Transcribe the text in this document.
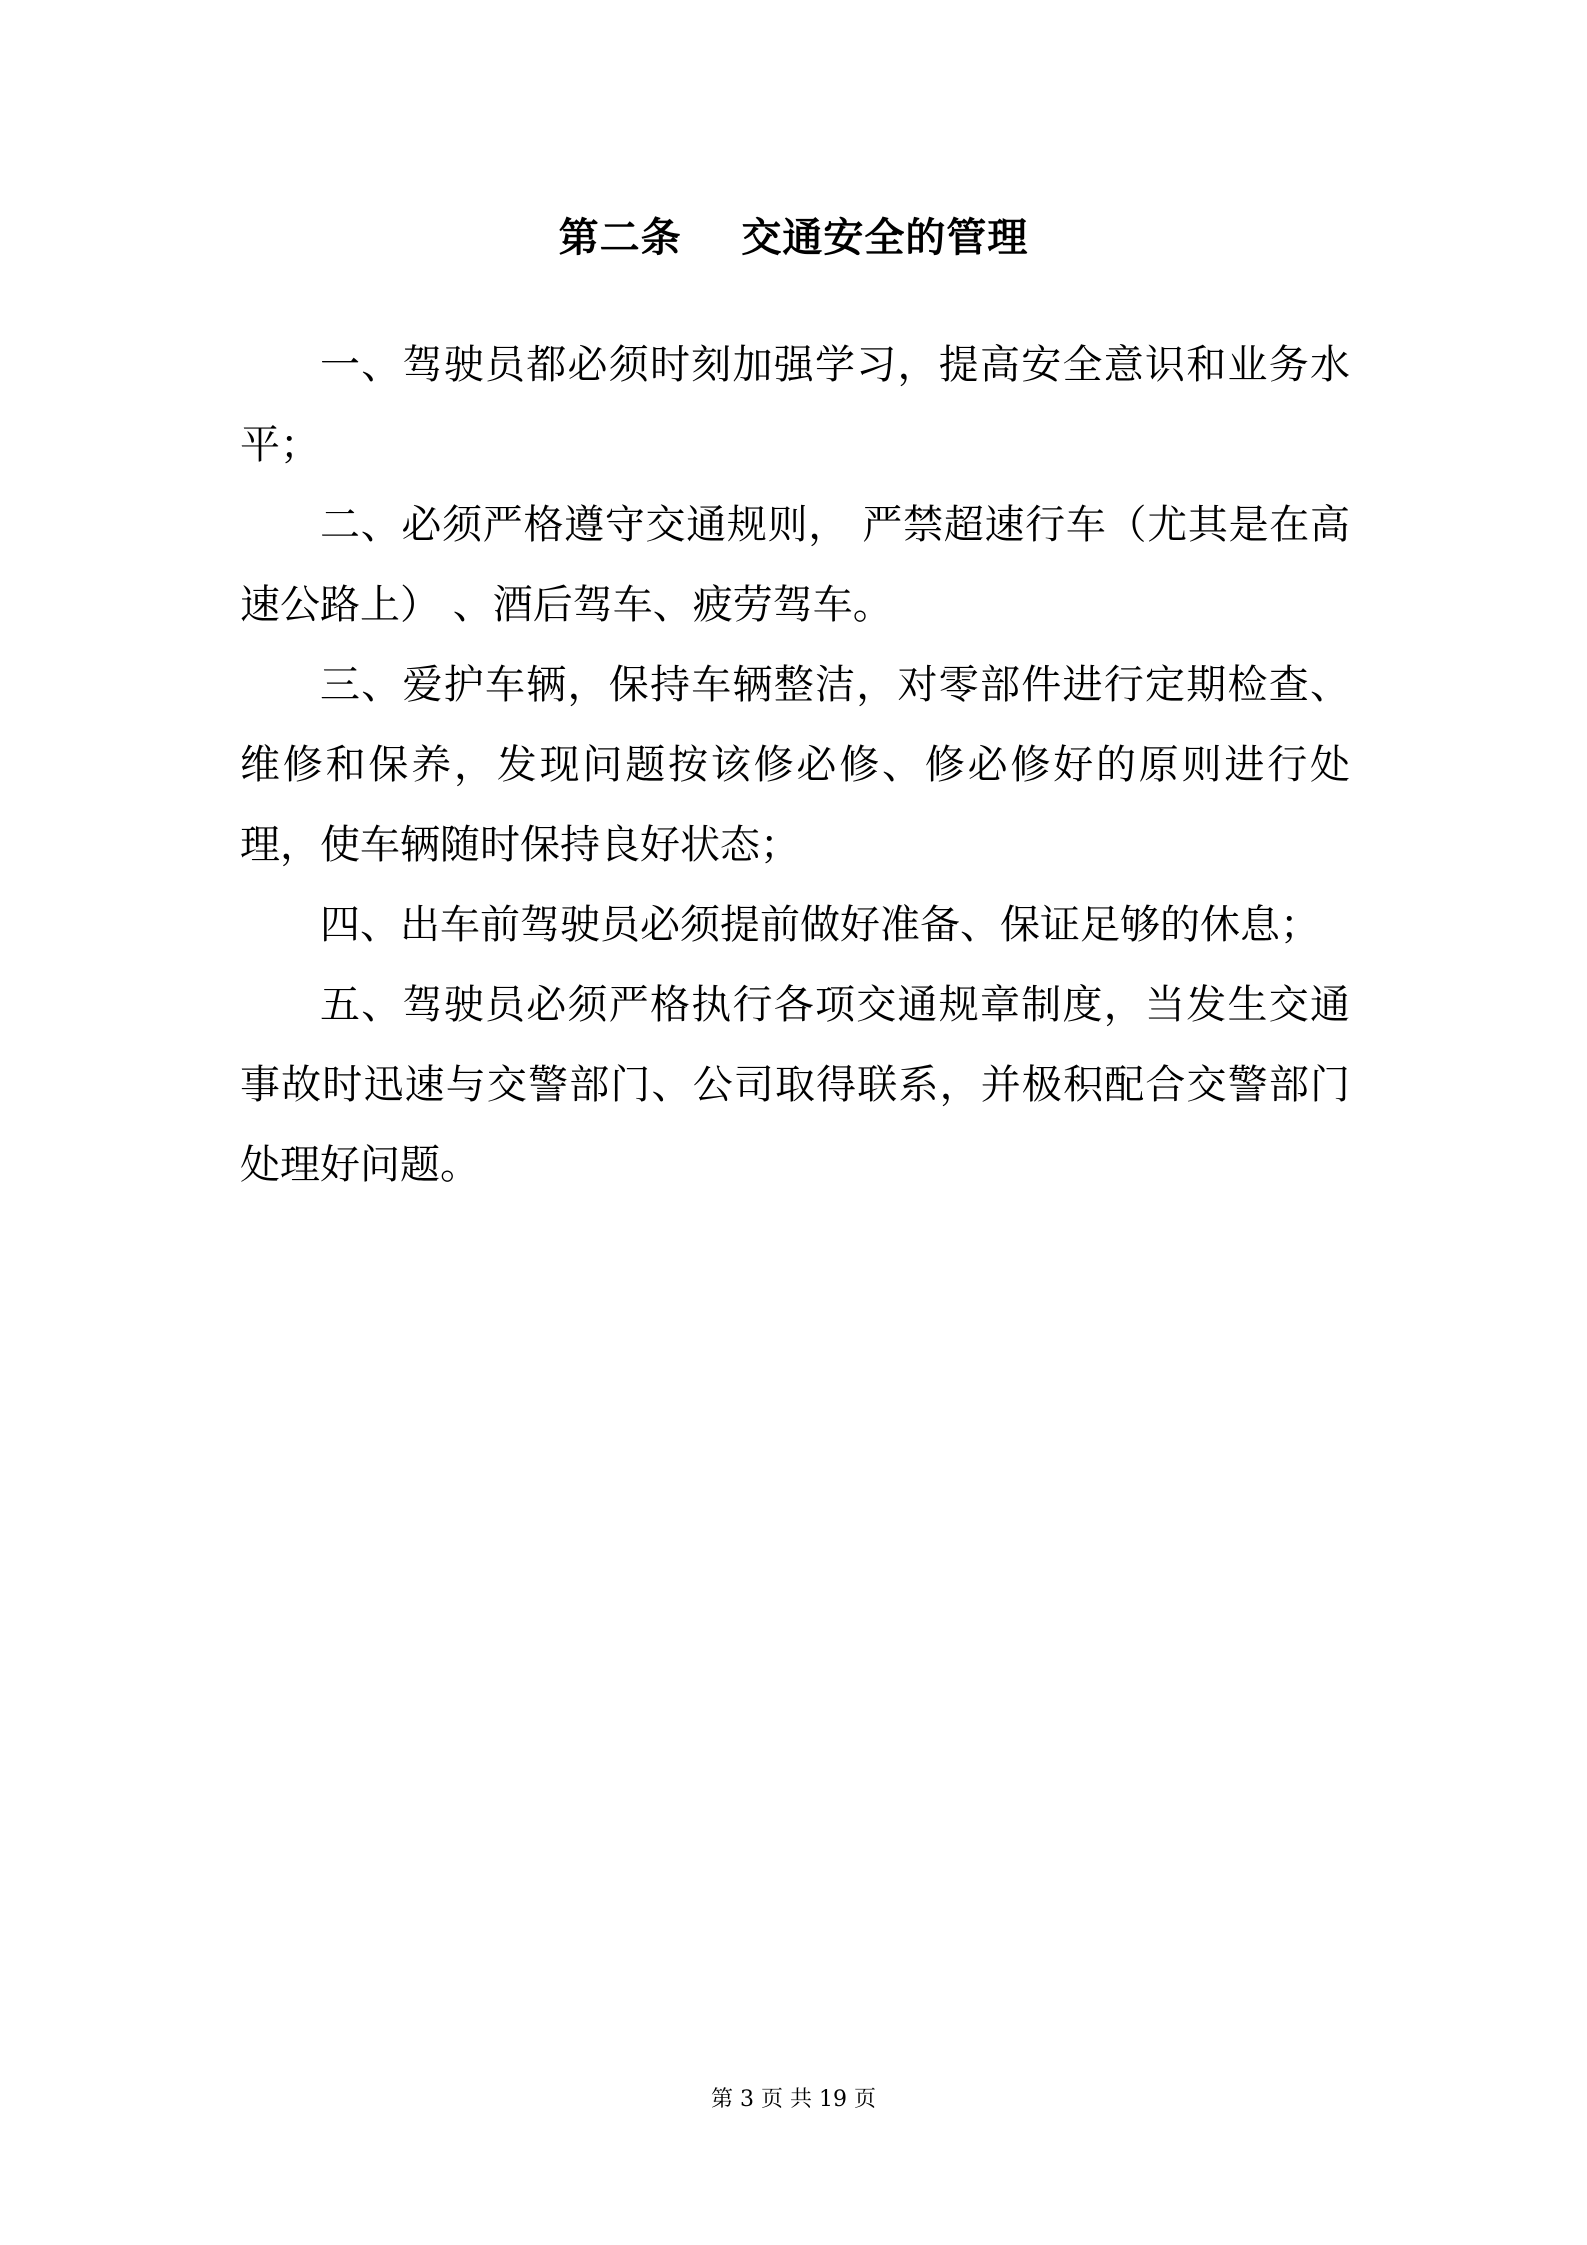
第二条    交通安全的管理

一、驾驶员都必须时刻加强学习，提高安全意识和业务水平；

二、必须严格遵守交通规则， 严禁超速行车（尤其是在高速公路上） 、酒后驾车、疲劳驾车。

三、爱护车辆，保持车辆整洁，对零部件进行定期检查、维修和保养，发现问题按该修必修、修必修好的原则进行处理，使车辆随时保持良好状态；

四、出车前驾驶员必须提前做好准备、保证足够的休息；

五、驾驶员必须严格执行各项交通规章制度，当发生交通事故时迅速与交警部门、公司取得联系，并极积配合交警部门处理好问题。

第 3 页 共 19 页
